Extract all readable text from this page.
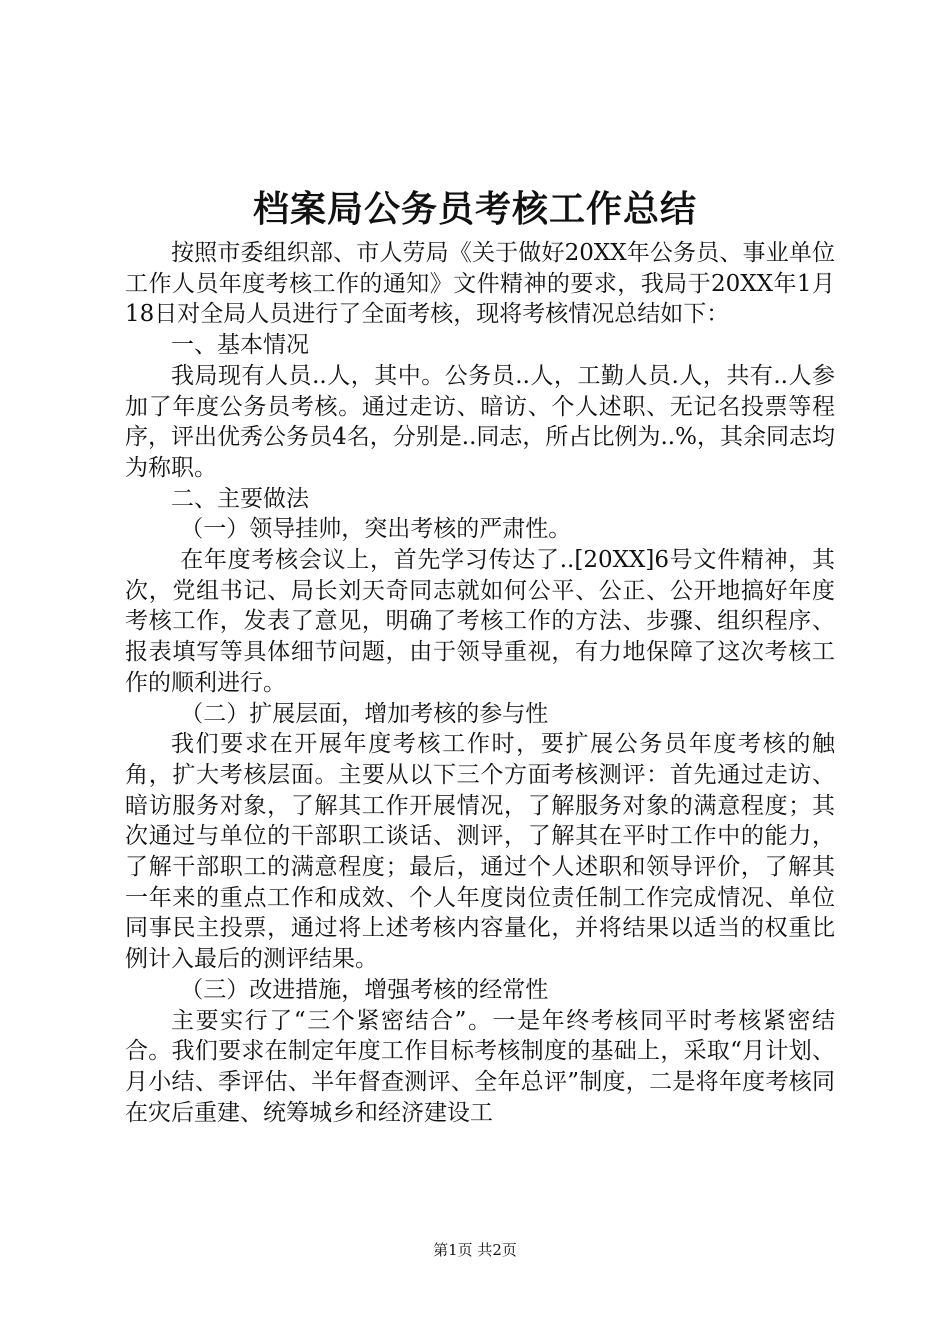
档案局公务员考核工作总结

按照市委组织部、市人劳局《关于做好20XX年公务员、事业单位工作人员年度考核工作的通知》文件精神的要求，我局于20XX年1月18日对全局人员进行了全面考核，现将考核情况总结如下：

一、基本情况

我局现有人员..人，其中。公务员..人，工勤人员.人，共有..人参加了年度公务员考核。通过走访、暗访、个人述职、无记名投票等程序，评出优秀公务员4名，分别是..同志，所占比例为..%，其余同志均为称职。

二、主要做法

（一）领导挂帅，突出考核的严肃性。

在年度考核会议上，首先学习传达了..[20XX]6号文件精神，其次，党组书记、局长刘天奇同志就如何公平、公正、公开地搞好年度考核工作，发表了意见，明确了考核工作的方法、步骤、组织程序、报表填写等具体细节问题，由于领导重视，有力地保障了这次考核工作的顺利进行。

（二）扩展层面，增加考核的参与性

我们要求在开展年度考核工作时，要扩展公务员年度考核的触角，扩大考核层面。主要从以下三个方面考核测评：首先通过走访、暗访服务对象，了解其工作开展情况，了解服务对象的满意程度；其次通过与单位的干部职工谈话、测评，了解其在平时工作中的能力，了解干部职工的满意程度；最后，通过个人述职和领导评价，了解其一年来的重点工作和成效、个人年度岗位责任制工作完成情况、单位同事民主投票，通过将上述考核内容量化，并将结果以适当的权重比例计入最后的测评结果。

（三）改进措施，增强考核的经常性

主要实行了“三个紧密结合”。一是年终考核同平时考核紧密结合。我们要求在制定年度工作目标考核制度的基础上，采取“月计划、月小结、季评估、半年督查测评、全年总评”制度，二是将年度考核同在灾后重建、统筹城乡和经济建设工

第1页 共2页
